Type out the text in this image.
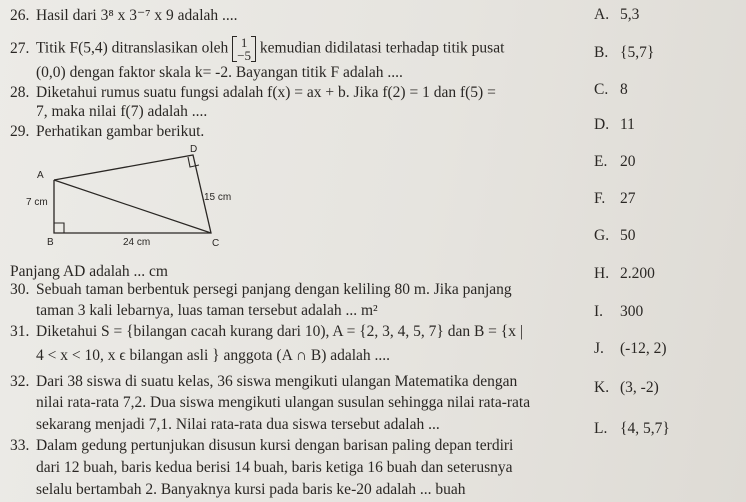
26. Hasil dari 3⁸ x 3⁻⁷ x 9 adalah ....
27. Titik F(5,4) ditranslasikan oleh 1
−5 kemudian didilatasi terhadap titik pusat
(0,0) dengan faktor skala k= -2. Bayangan titik F adalah ....
28. Diketahui rumus suatu fungsi adalah f(x) = ax + b. Jika f(2) = 1 dan f(5) =
7, maka nilai f(7) adalah ....
29. Perhatikan gambar berikut.
D
A
B	C
7 cm
24 cm
15 cm
Panjang AD adalah ... cm
30. Sebuah taman berbentuk persegi panjang dengan keliling 80 m. Jika panjang
taman 3 kali lebarnya, luas taman tersebut adalah ... m²
31. Diketahui S = {bilangan cacah kurang dari 10), A = {2, 3, 4, 5, 7} dan B = {x |
4 < x < 10, x ϵ bilangan asli } anggota (A ∩ B) adalah ....
32. Dari 38 siswa di suatu kelas, 36 siswa mengikuti ulangan Matematika dengan
nilai rata-rata 7,2. Dua siswa mengikuti ulangan susulan sehingga nilai rata-rata
sekarang menjadi 7,1. Nilai rata-rata dua siswa tersebut adalah ...
33. Dalam gedung pertunjukan disusun kursi dengan barisan paling depan terdiri
dari 12 buah, baris kedua berisi 14 buah, baris ketiga 16 buah dan seterusnya
selalu bertambah 2. Banyaknya kursi pada baris ke-20 adalah ... buah
A. 5,3
B. {5,7}
C. 8
D. 11
E. 20
F. 27
G. 50
H. 2.200
I. 300
J. (-12, 2)
K. (3, -2)
L. {4, 5,7}
